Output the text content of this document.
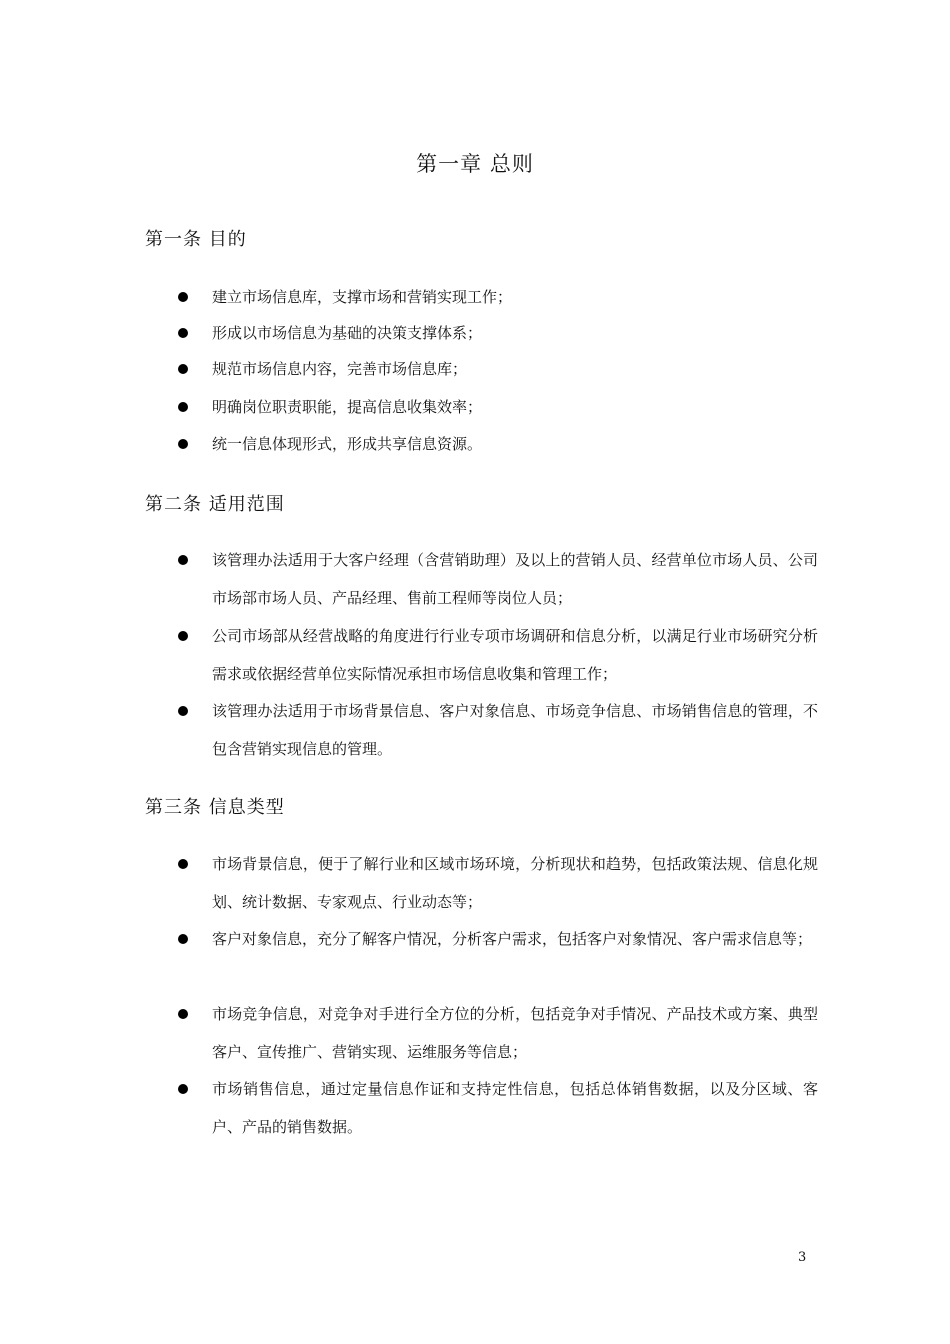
第一章 总则
第一条 目的
建立市场信息库，支撑市场和营销实现工作；
形成以市场信息为基础的决策支撑体系；
规范市场信息内容，完善市场信息库；
明确岗位职责职能，提高信息收集效率；
统一信息体现形式，形成共享信息资源。
第二条 适用范围
该管理办法适用于大客户经理（含营销助理）及以上的营销人员、经营单位市场人员、公司市场部市场人员、产品经理、售前工程师等岗位人员；
公司市场部从经营战略的角度进行行业专项市场调研和信息分析，以满足行业市场研究分析需求或依据经营单位实际情况承担市场信息收集和管理工作；
该管理办法适用于市场背景信息、客户对象信息、市场竞争信息、市场销售信息的管理，不包含营销实现信息的管理。
第三条 信息类型
市场背景信息，便于了解行业和区域市场环境，分析现状和趋势，包括政策法规、信息化规划、统计数据、专家观点、行业动态等；
客户对象信息，充分了解客户情况，分析客户需求，包括客户对象情况、客户需求信息等；
市场竞争信息，对竞争对手进行全方位的分析，包括竞争对手情况、产品技术或方案、典型客户、宣传推广、营销实现、运维服务等信息；
市场销售信息，通过定量信息作证和支持定性信息，包括总体销售数据，以及分区域、客户、产品的销售数据。
3
